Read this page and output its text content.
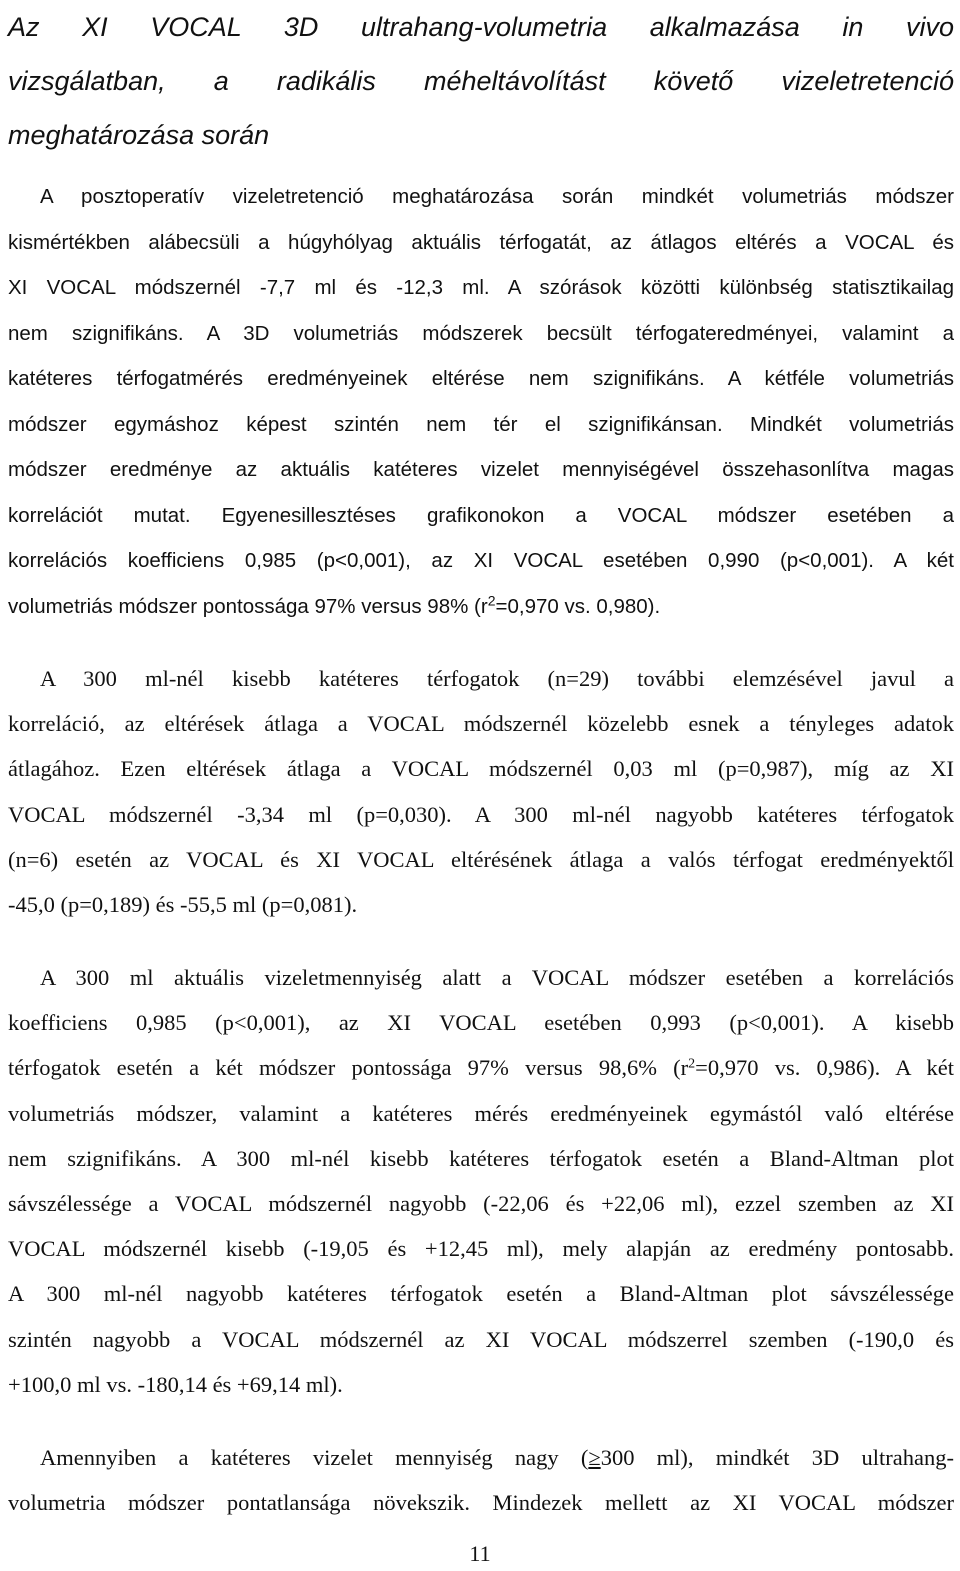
Az XI VOCAL 3D ultrahang-volumetria alkalmazása in vivo
vizsgálatban, a radikális méheltávolítást követő vizeletretenció
meghatározása során

A posztoperatív vizeletretenció meghatározása során mindkét volumetriás módszer
kismértékben alábecsüli a húgyhólyag aktuális térfogatát, az átlagos eltérés a VOCAL és
XI VOCAL módszernél -7,7 ml és -12,3 ml. A szórások közötti különbség statisztikailag
nem szignifikáns. A 3D volumetriás módszerek becsült térfogateredményei, valamint a
katéteres térfogatmérés eredményeinek eltérése nem szignifikáns. A kétféle volumetriás
módszer egymáshoz képest szintén nem tér el szignifikánsan. Mindkét volumetriás
módszer eredménye az aktuális katéteres vizelet mennyiségével összehasonlítva magas
korrelációt mutat. Egyenesillesztéses grafikonokon a VOCAL módszer esetében a
korrelációs koefficiens 0,985 (p<0,001), az XI VOCAL esetében 0,990 (p<0,001). A két
volumetriás módszer pontossága 97% versus 98% ($r^2=0,970$ vs. 0,980).

A 300 ml-nél kisebb katéteres térfogatok (n=29) további elemzésével javul a
korreláció, az eltérések átlaga a VOCAL módszernél közelebb esnek a tényleges adatok
átlagához. Ezen eltérések átlaga a VOCAL módszernél 0,03 ml (p=0,987), míg az XI
VOCAL módszernél -3,34 ml (p=0,030). A 300 ml-nél nagyobb katéteres térfogatok
(n=6) esetén az VOCAL és XI VOCAL eltérésének átlaga a valós térfogat eredményektől
-45,0 (p=0,189) és -55,5 ml (p=0,081).

A 300 ml aktuális vizeletmennyiség alatt a VOCAL módszer esetében a korrelációs
koefficiens 0,985 (p<0,001), az XI VOCAL esetében 0,993 (p<0,001). A kisebb
térfogatok esetén a két módszer pontossága 97% versus 98,6% ($r^2=0,970$ vs. 0,986). A két
volumetriás módszer, valamint a katéteres mérés eredményeinek egymástól való eltérése
nem szignifikáns. A 300 ml-nél kisebb katéteres térfogatok esetén a Bland-Altman plot
sávszélessége a VOCAL módszernél nagyobb (-22,06 és +22,06 ml), ezzel szemben az XI
VOCAL módszernél kisebb (-19,05 és +12,45 ml), mely alapján az eredmény pontosabb.
A 300 ml-nél nagyobb katéteres térfogatok esetén a Bland-Altman plot sávszélessége
szintén nagyobb a VOCAL módszernél az XI VOCAL módszerrel szemben (-190,0 és
+100,0 ml vs. -180,14 és +69,14 ml).

Amennyiben a katéteres vizelet mennyiség nagy (≥300 ml), mindkét 3D ultrahang-
volumetria módszer pontatlansága növekszik. Mindezek mellett az XI VOCAL módszer

11
